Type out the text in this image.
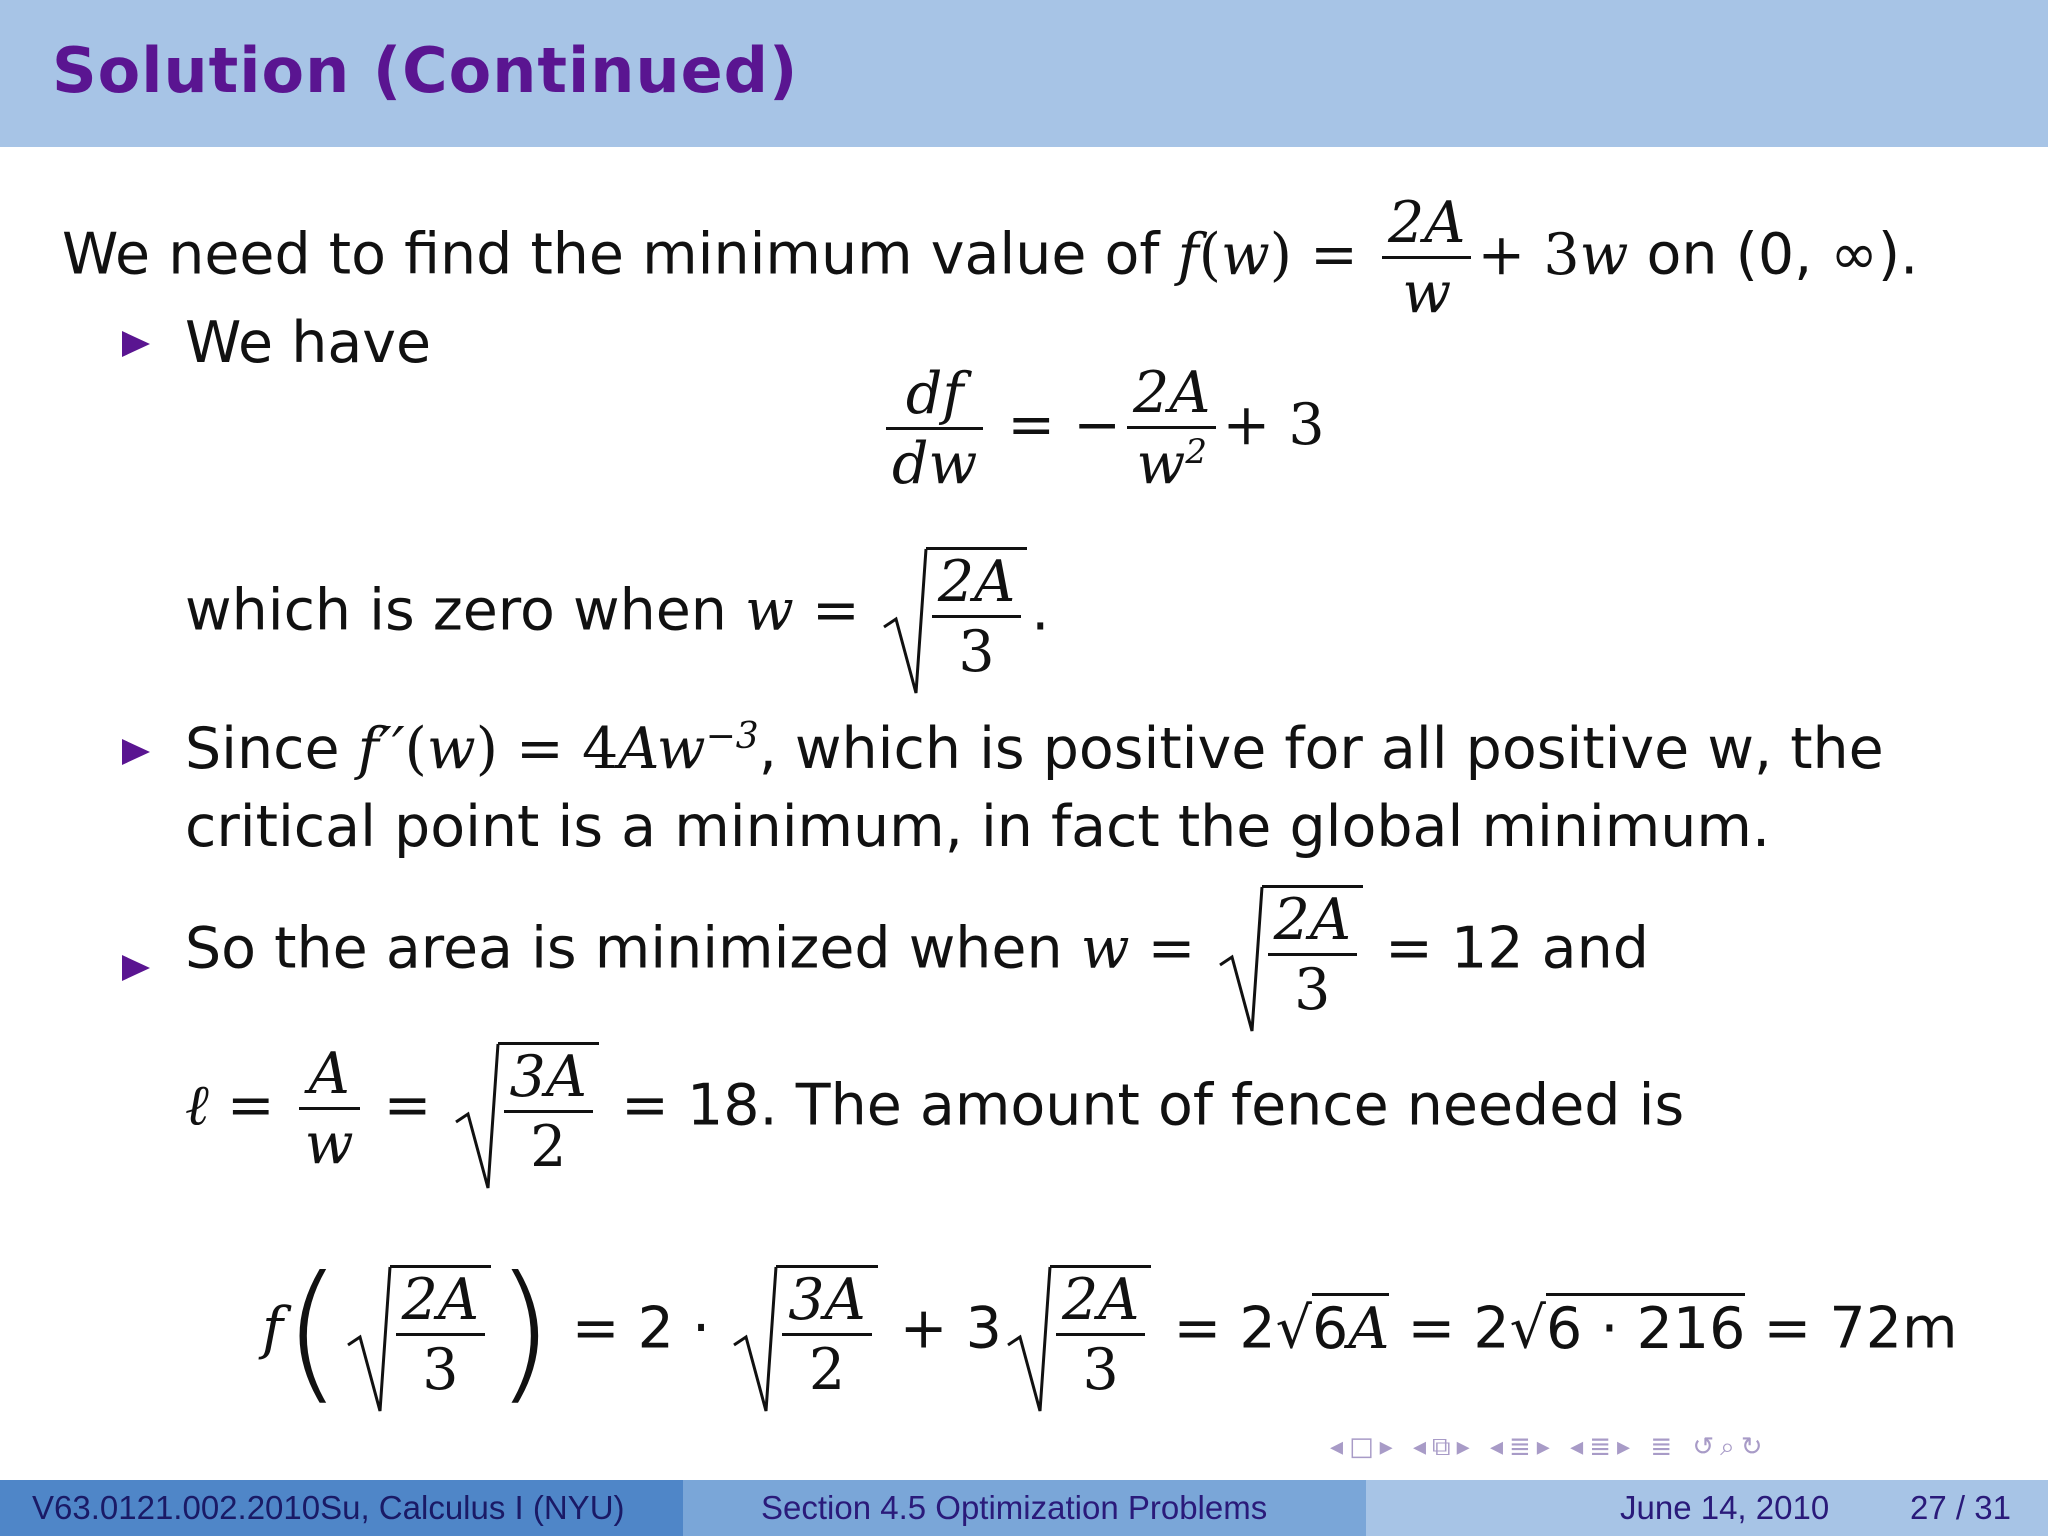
Solution (Continued)
We need to find the minimum value of $f(w) = \frac{2A}{w} + 3w$ on (0, ∞).
We have
$\frac{df}{dw}$ = − $\frac{2A}{w^2} + 3$
which is zero when $w = \frac{2A}{3}$ .
Since $f''(w) = 4Aw^{-3}$, which is positive for all positive w, the
critical point is a minimum, in fact the global minimum.
So the area is minimized when $w = \frac{2A}{3} = 12$ and
ℓ = $\frac{A}{w} = \frac{3A}{2} = 18$. The amount of fence needed is
$f( \frac{2A}{3}$ ) = $2 \cdot \frac{3A}{2} + 3 \frac{2A}{3} = 2√6A = 2√6 \cdot 216 = 72m$
◂□▸ ◂⧉▸ ◂≣▸ ◂≣▸ ≣ ↺⌕↻
V63.0121.002.2010Su, Calculus I (NYU)	Section 4.5 Optimization Problems	June 14, 2010 27 / 31
